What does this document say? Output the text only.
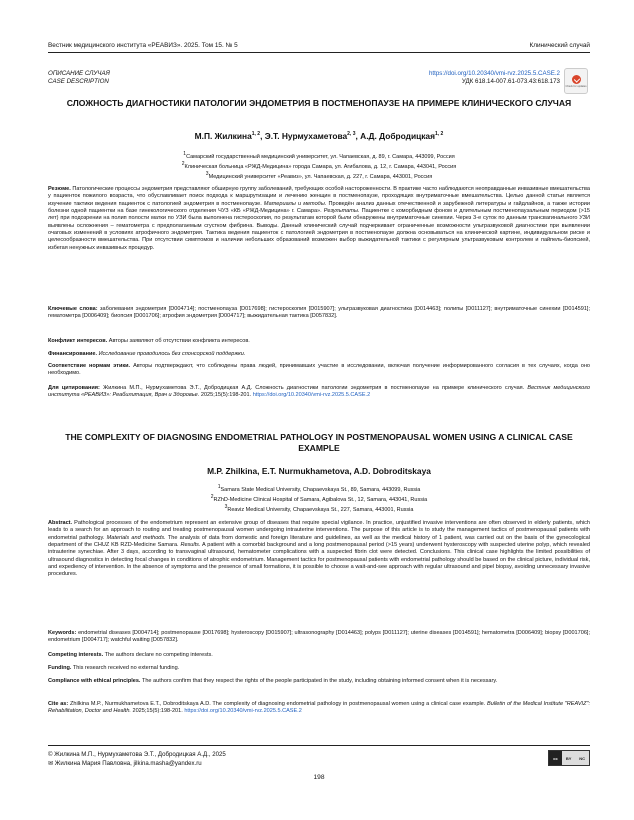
Вестник медицинского института «РЕАВИЗ». 2025. Том 15. № 5	Клинический случай
ОПИСАНИЕ СЛУЧАЯ
CASE DESCRIPTION
https://doi.org/10.20340/vmi-rvz.2025.5.CASE.2
УДК 618.14-007.61-073.43:618.173
Check for updates
СЛОЖНОСТЬ ДИАГНОСТИКИ ПАТОЛОГИИ ЭНДОМЕТРИЯ В ПОСТМЕНОПАУЗЕ НА ПРИМЕРЕ КЛИНИЧЕСКОГО СЛУЧАЯ
М.П. Жилкина$^{1, 2}$, Э.Т. Нурмухаметова$^{2, 3}$, А.Д. Добродицкая$^{1, 2}$
$^1$Самарский государственный медицинский университет, ул. Чапаевская, д. 89, г. Самара, 443099, Россия
$^2$Клиническая больница «РЖД-Медицина» города Самара, ул. Агибалова, д. 12, г. Самара, 443041, Россия
$^3$Медицинский университет «Реавиз», ул. Чапаевская, д. 227, г. Самара, 443001, Россия
Резюме. Патологические процессы эндометрия представляют обширную группу заболеваний, требующих особой настороженности. В практике часто наблюдаются неоправданные инвазивные вмешательства у пациенток пожилого возраста, что обуславливает поиск подхода к маршрутизации и лечению женщин в постменопаузе, проходящих внутриматочные вмешательства. Целью данной статьи является изучение тактики ведения пациенток с патологией эндометрия в постменопаузе. Материалы и методы. Проведён анализ данных отечественной и зарубежной литературы и гайдлайнов, а также истории болезни одной пациентки на базе гинекологического отделения ЧУЗ «КБ «РЖД-Медицина» г. Самара». Результаты. Пациентке с коморбидным фоном и длительным постменопаузальным периодом (>15 лет) при подозрении на полип полости матки по УЗИ была выполнена гистероскопия, по результатам которой были обнаружены внутриматочные синехии. Через 3-е суток по данным трансвагинального УЗИ выявлены осложнения – гематометра с предполагаемым сгустком фибрина. Выводы. Данный клинический случай подчеркивает ограниченные возможности ультразвуковой диагностики при выявлении очаговых изменений в условиях атрофичного эндометрия. Тактика ведения пациенток с патологией эндометрия в постменопаузе должна основываться на клинической картине, индивидуальном риске и целесообразности вмешательства. При отсутствии симптомов и наличии небольших образований возможен выбор выжидательной тактики с регулярным ультразвуковым контролем и пайпель-биопсией, избегая ненужных инвазивных процедур.
Ключевые слова: заболевания эндометрия [D004714]; постменопауза [D017698]; гистероскопия [D015907]; ультразвуковая диагностика [D014463]; полипы [D011127]; внутриматочные синехии [D014591]; гематометра [D006409]; биопсия [D001706]; атрофия эндометрия [D004717]; выжидательная тактика [D057832].
Конфликт интересов. Авторы заявляют об отсутствии конфликта интересов.
Финансирование. Исследование проводилось без спонсорской поддержки.
Соответствие нормам этики. Авторы подтверждают, что соблюдены права людей, принимавших участие в исследовании, включая получение информированного согласия в тех случаях, когда оно необходимо.
Для цитирования: Жилкина М.П., Нурмухаметова Э.Т., Добродицкая А.Д. Сложность диагностики патологии эндометрия в постменопаузе на примере клинического случая. Вестник медицинского института «РЕАВИЗ»: Реабилитация, Врач и Здоровье. 2025;15(5):198-201. https://doi.org/10.20340/vmi-rvz.2025.5.CASE.2
THE COMPLEXITY OF DIAGNOSING ENDOMETRIAL PATHOLOGY IN POSTMENOPAUSAL WOMEN USING A CLINICAL CASE EXAMPLE
M.P. Zhilkina, E.T. Nurmukhametova, A.D. Dobroditskaya
$^1$Samara State Medical University, Chapaevskaya St., 89, Samara, 443099, Russia
$^2$RZhD-Medicine Clinical Hospital of Samara, Agibalova St., 12, Samara, 443041, Russia
$^3$Reaviz Medical University, Chapaevskaya St., 227, Samara, 443001, Russia
Abstract. Pathological processes of the endometrium represent an extensive group of diseases that require special vigilance. In practice, unjustified invasive interventions are often observed in elderly patients, which leads to a search for an approach to routing and treating postmenopausal women undergoing intrauterine interventions. The purpose of this article is to study the management tactics of postmenopausal patients with endometrial pathology. Materials and methods. The analysis of data from domestic and foreign literature and guidelines, as well as the medical history of 1 patient, was carried out on the basis of the gynecological department of the CHUZ KB RZD-Medicine Samara. Results. A patient with a comorbid background and a long postmenopausal period (>15 years) underwent hysteroscopy with suspected uterine polyp, which revealed intrauterine synechiae. After 3 days, according to transvaginal ultrasound, hematometer complications with a suspected fibrin clot were detected. Conclusions. This clinical case highlights the limited possibilities of ultrasound diagnostics in detecting focal changes in conditions of atrophic endometrium. Management tactics for postmenopausal patients with endometrial pathology should be based on the clinical picture, individual risk, and expediency of intervention. In the absence of symptoms and the presence of small formations, it is possible to choose a wait-and-see approach with regular ultrasound and pipel biopsy, avoiding unnecessary invasive procedures.
Keywords: endometrial diseases [D004714]; postmenopause [D017698]; hysteroscopy [D015907]; ultrasonography [D014463]; polyps [D011127]; uterine diseases [D014591]; hematometra [D006409]; biopsy [D001706]; endometrium [D004717]; watchful waiting [D057832].
Competing interests. The authors declare no competing interests.
Funding. This research received no external funding.
Compliance with ethical principles. The authors confirm that they respect the rights of the people participated in the study, including obtaining informed consent when it is necessary.
Cite as: Zhilkina M.P., Nurmukhametova E.T., Dobroditskaya A.D. The complexity of diagnosing endometrial pathology in postmenopausal women using a clinical case example. Bulletin of the Medical Institute "REAVIZ": Rehabilitation, Doctor and Health. 2025;15(5):198-201. https://doi.org/10.20340/vmi-rvz.2025.5.CASE.2
© Жилкина М.П., Нурмухаметова Э.Т., Добродицкая А.Д., 2025
✉ Жилкина Мария Павловна, jilkina.masha@yandex.ru
cc	BY NC
198
